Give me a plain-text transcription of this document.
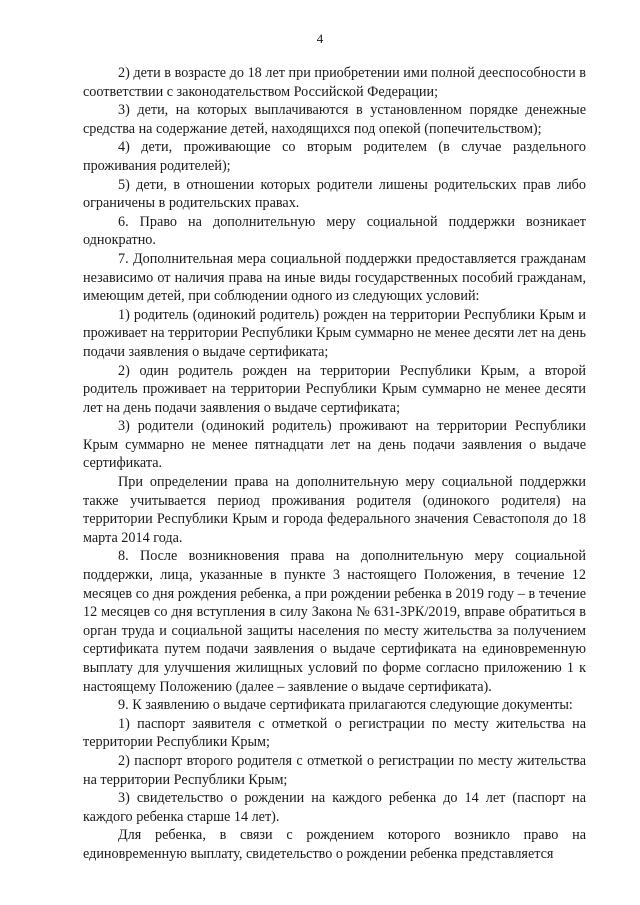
4

2) дети в возрасте до 18 лет при приобретении ими полной дееспособности в соответствии с законодательством Российской Федерации;

3) дети, на которых выплачиваются в установленном порядке денежные средства на содержание детей, находящихся под опекой (попечительством);

4) дети, проживающие со вторым родителем (в случае раздельного проживания родителей);

5) дети, в отношении которых родители лишены родительских прав либо ограничены в родительских правах.

6. Право на дополнительную меру социальной поддержки возникает однократно.

7. Дополнительная мера социальной поддержки предоставляется гражданам независимо от наличия права на иные виды государственных пособий гражданам, имеющим детей, при соблюдении одного из следующих условий:

1) родитель (одинокий родитель) рожден на территории Республики Крым и проживает на территории Республики Крым суммарно не менее десяти лет на день подачи заявления о выдаче сертификата;

2) один родитель рожден на территории Республики Крым, а второй родитель проживает на территории Республики Крым суммарно не менее десяти лет на день подачи заявления о выдаче сертификата;

3) родители (одинокий родитель) проживают на территории Республики Крым суммарно не менее пятнадцати лет на день подачи заявления о выдаче сертификата.

При определении права на дополнительную меру социальной поддержки также учитывается период проживания родителя (одинокого родителя) на территории Республики Крым и города федерального значения Севастополя до 18 марта 2014 года.

8. После возникновения права на дополнительную меру социальной поддержки, лица, указанные в пункте 3 настоящего Положения, в течение 12 месяцев со дня рождения ребенка, а при рождении ребенка в 2019 году – в течение 12 месяцев со дня вступления в силу Закона № 631-ЗРК/2019, вправе обратиться в орган труда и социальной защиты населения по месту жительства за получением сертификата путем подачи заявления о выдаче сертификата на единовременную выплату для улучшения жилищных условий по форме согласно приложению 1 к настоящему Положению (далее – заявление о выдаче сертификата).

9. К заявлению о выдаче сертификата прилагаются следующие документы:

1) паспорт заявителя с отметкой о регистрации по месту жительства на территории Республики Крым;

2) паспорт второго родителя с отметкой о регистрации по месту жительства на территории Республики Крым;

3) свидетельство о рождении на каждого ребенка до 14 лет (паспорт на каждого ребенка старше 14 лет).

Для ребенка, в связи с рождением которого возникло право на единовременную выплату, свидетельство о рождении ребенка представляется
